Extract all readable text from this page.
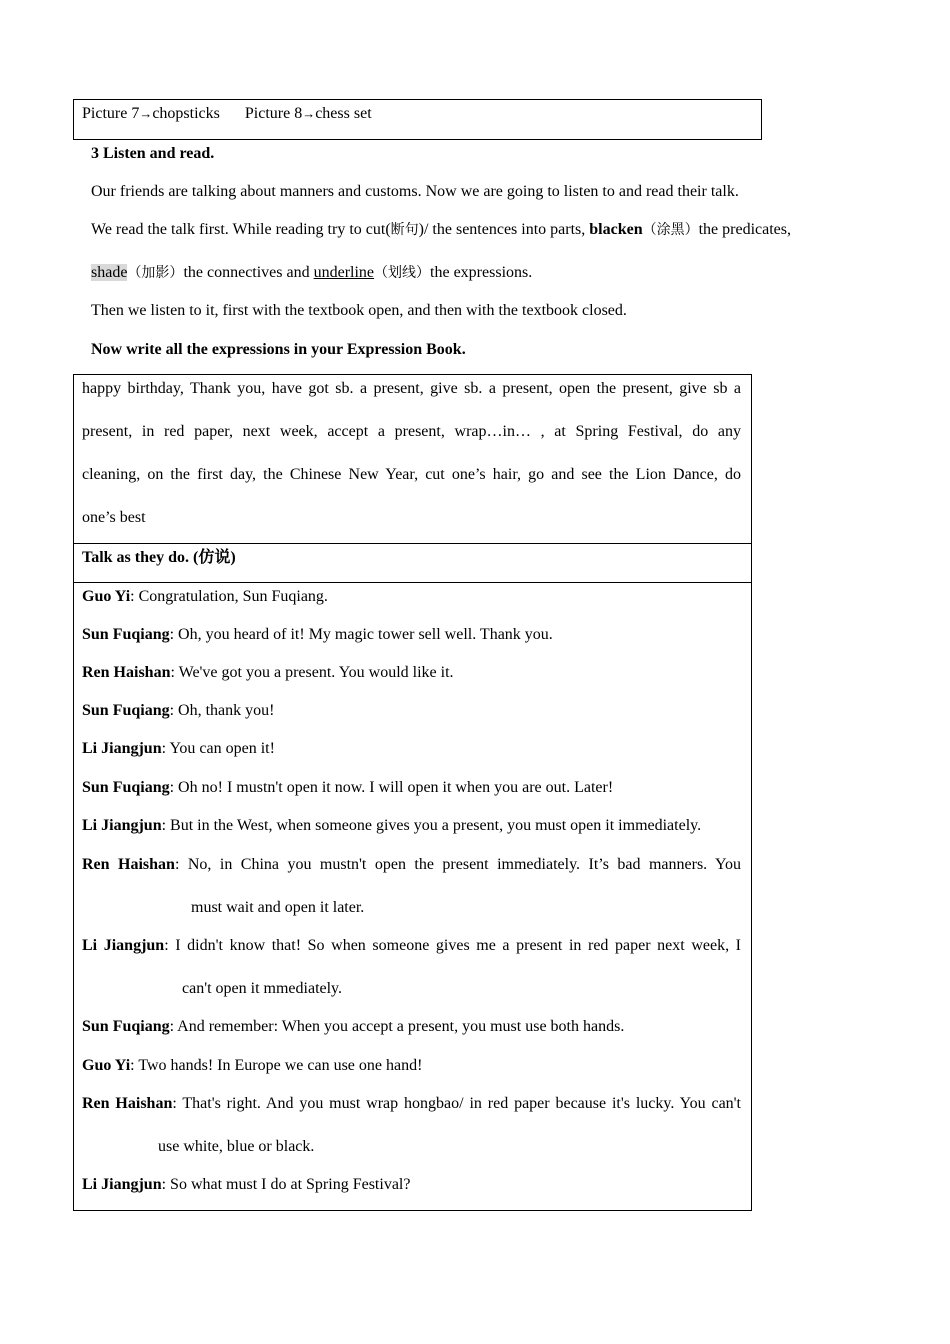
Picture 7→chopsticks Picture 8→chess set
3 Listen and read.
Our friends are talking about manners and customs. Now we are going to listen to and read their talk.
We read the talk first. While reading try to cut(断句)/ the sentences into parts, blacken（涂黑）the predicates,
shade（加影）the connectives and underline（划线）the expressions.
Then we listen to it, first with the textbook open, and then with the textbook closed.
Now write all the expressions in your Expression Book.
happy birthday, Thank you, have got sb. a present, give sb. a present, open the present, give sb a
present, in red paper, next week, accept a present, wrap…in… , at Spring Festival, do any
cleaning, on the first day, the Chinese New Year, cut one’s hair, go and see the Lion Dance, do
one’s best
Talk as they do. (仿说)
Guo Yi: Congratulation, Sun Fuqiang.
Sun Fuqiang: Oh, you heard of it! My magic tower sell well. Thank you.
Ren Haishan: We've got you a present. You would like it.
Sun Fuqiang: Oh, thank you!
Li Jiangjun: You can open it!
Sun Fuqiang: Oh no! I mustn't open it now. I will open it when you are out. Later!
Li Jiangjun: But in the West, when someone gives you a present, you must open it immediately.
Ren Haishan: No, in China you mustn't open the present immediately. It’s bad manners. You
must wait and open it later.
Li Jiangjun: I didn't know that! So when someone gives me a present in red paper next week, I
can't open it mmediately.
Sun Fuqiang: And remember: When you accept a present, you must use both hands.
Guo Yi: Two hands! In Europe we can use one hand!
Ren Haishan: That's right. And you must wrap hongbao/ in red paper because it's lucky. You can't
use white, blue or black.
Li Jiangjun: So what must I do at Spring Festival?
